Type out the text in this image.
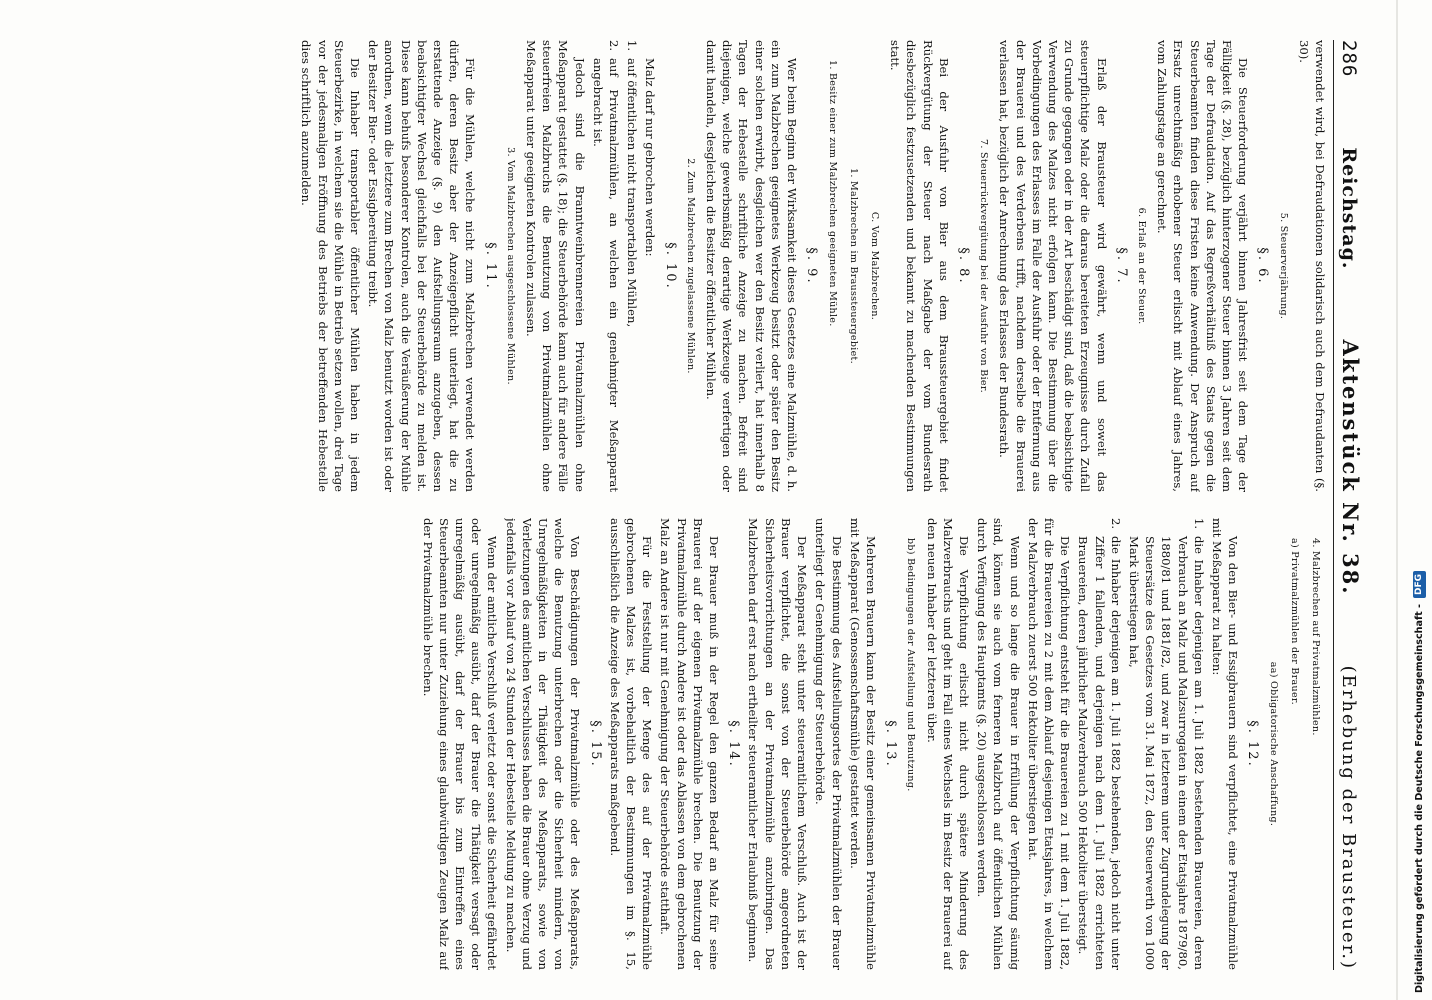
286
Reichstag.
Aktenstück Nr. 38.
(Erhebung der Brausteuer.)

verwendet wird, bei Defraudationen solidarisch auch dem Defraudanten (§. 30).

5. Steuerverjährung.
§. 6.

Die Steuerforderung verjährt binnen Jahresfrist seit dem Tage der Fälligkeit (§. 28), bezüglich hinterzogener Steuer binnen 3 Jahren seit dem Tage der Defraudation. Auf das Regreßverhältniß des Staats gegen die Steuerbeamten finden diese Fristen keine Anwendung. Der Anspruch auf Ersatz unrechtmäßig erhobener Steuer erlischt mit Ablauf eines Jahres, vom Zahlungstage an gerechnet.

6. Erlaß an der Steuer.
§. 7.

Erlaß der Brausteuer wird gewährt, wenn und soweit das steuerpflichtige Malz oder die daraus bereiteten Erzeugnisse durch Zufall zu Grunde gegangen oder in der Art beschädigt sind, daß die beabsichtigte Verwendung des Malzes nicht erfolgen kann. Die Bestimmung über die Vorbedingungen des Erlasses im Falle der Ausfuhr oder der Entfernung aus der Brauerei und des Verderbens trifft, nachdem derselbe die Brauerei verlassen hat, bezüglich der Anrechnung des Erlasses der Bundesrath.

7. Steuerrückvergütung bei der Ausfuhr von Bier.
§. 8.

Bei der Ausfuhr von Bier aus dem Braussteuergebiet findet Rückvergütung der Steuer nach Maßgabe der vom Bundesrath diesbezüglich festzusetzenden und bekannt zu machenden Bestimmungen statt.

C. Vom Malzbrechen.
1. Malzbrechen im Braussteuergebiet.
1. Besitz einer zum Malzbrechen geeigneten Mühle.
§. 9.

Wer beim Beginn der Wirksamkeit dieses Gesetzes eine Malzmühle, d. h. ein zum Malzbrechen geeignetes Werkzeug besitzt oder später den Besitz einer solchen erwirbt, desgleichen wer den Besitz verliert, hat innerhalb 8 Tagen der Hebestelle schriftliche Anzeige zu machen. Befreit sind diejenigen, welche gewerbsmäßig derartige Werkzeuge verfertigen oder damit handeln, desgleichen die Besitzer öffentlicher Mühlen.

2. Zum Malzbrechen zugelassene Mühlen.
§. 10.

Malz darf nur gebrochen werden:

1.auf öffentlichen nicht transportablen Mühlen,

2.auf Privatmalzmühlen, an welchen ein genehmigter Meßapparat angebracht ist.

Jedoch sind die Branntweinbrennereien Privatmalzmühlen ohne Meßapparat gestattet (§. 18); die Steuerbehörde kann auch für andere Fälle steuerfreien Malzbruchs die Benutzung von Privatmalzmühlen ohne Meßapparat unter geeigneten Kontrolen zulassen.

3. Vom Malzbrechen ausgeschlossene Mühlen.
§. 11.

Für die Mühlen, welche nicht zum Malzbrechen verwendet werden dürfen, deren Besitz aber der Anzeigepflicht unterliegt, hat die zu erstattende Anzeige (§. 9) den Aufstellungsraum anzugeben, dessen beabsichtigter Wechsel gleichfalls bei der Steuerbehörde zu melden ist. Diese kann behufs besonderer Kontrolen, auch die Veräußerung der Mühle anordnen, wenn die letztere zum Brechen von Malz benutzt worden ist oder der Besitzer Bier- oder Essigbereitung treibt.

Die Inhaber transportabler öffentlicher Mühlen haben in jedem Steuerbezirke, in welchem sie die Mühle in Betrieb setzen wollen, drei Tage vor der jedesmaligen Eröffnung des Betriebs der betreffenden Hebestelle dies schriftlich anzumelden.

4. Malzbrechen auf Privatmalzmühlen.
a) Privatmalzmühlen der Brauer.
aa) Obligatorische Anschaffung.
§. 12.

Von den Bier- und Essigbrauern sind verpflichtet, eine Privatmalzmühle mit Meßapparat zu halten:

1.die Inhaber derjenigen am 1. Juli 1882 bestehenden Brauereien, deren Verbrauch an Malz und Malzsurrogaten in einem der Etatsjahre 1879/80, 1880/81 und 1881/82, und zwar in letzterem unter Zugrundelegung der Steuersätze des Gesetzes vom 31. Mai 1872, den Steuerwerth von 1000 Mark überstiegen hat,

2.die Inhaber derjenigen am 1. Juli 1882 bestehenden, jedoch nicht unter Ziffer 1 fallenden, und derjenigen nach dem 1. Juli 1882 errichteten Brauereien, deren jährlicher Malzverbrauch 500 Hektoliter übersteigt.

Die Verpflichtung entsteht für die Brauereien zu 1 mit dem 1. Juli 1882, für die Brauereien zu 2 mit dem Ablauf desjenigen Etatsjahres, in welchem der Malzverbrauch zuerst 500 Hektoliter überstiegen hat.

Wenn und so lange die Brauer in Erfüllung der Verpflichtung säumig sind, können sie auch vom ferneren Malzbruch auf öffentlichen Mühlen durch Verfügung des Hauptamts (§. 20) ausgeschlossen werden.

Die Verpflichtung erlischt nicht durch spätere Minderung des Malzverbrauchs und geht im Fall eines Wechsels im Besitz der Brauerei auf den neuen Inhaber der letzteren über.

bb) Bedingungen der Aufstellung und Benutzung.
§. 13.

Mehreren Brauern kann der Besitz einer gemeinsamen Privatmalzmühle mit Meßapparat (Genossenschaftsmühle) gestattet werden.

Die Bestimmung des Aufstellungsortes der Privatmalzmühlen der Brauer unterliegt der Genehmigung der Steuerbehörde.

Der Meßapparat steht unter steueramtlichem Verschluß. Auch ist der Brauer verpflichtet, die sonst von der Steuerbehörde angeordneten Sicherheitsvorrichtungen an der Privatmalzmühle anzubringen. Das Malzbrechen darf erst nach ertheilter steueramtlicher Erlaubniß beginnen.

§. 14.

Der Brauer muß in der Regel den ganzen Bedarf an Malz für seine Brauerei auf der eigenen Privatmalzmühle brechen. Die Benutzung der Privatmalzmühle durch Andere ist oder das Ablassen von dem gebrochenen Malz an Andere ist nur mit Genehmigung der Steuerbehörde statthaft.

Für die Feststellung der Menge des auf der Privatmalzmühle gebrochenen Malzes ist, vorbehaltlich der Bestimmungen im §. 15, ausschließlich die Anzeige des Meßapparats maßgebend.

§. 15.

Von Beschädigungen der Privatmalzmühle oder des Meßapparats, welche die Benutzung unterbrechen oder die Sicherheit mindern, von Unregelmäßigkeiten in der Thätigkeit des Meßapparats, sowie von Verletzungen des amtlichen Verschlusses haben die Brauer ohne Verzug und jedenfalls vor Ablauf von 24 Stunden der Hebestelle Meldung zu machen.

Wenn der amtliche Verschluß verletzt oder sonst die Sicherheit gefährdet oder unregelmäßig ausübt, darf der Brauer die Thätigkeit versagt oder unregelmäßig ausübt, darf der Brauer bis zum Eintreffen eines Steuerbeamten nur unter Zuziehung eines glaubwürdigen Zeugen Malz auf der Privatmalzmühle brechen.	Digitalisierung gefördert durch die Deutsche Forschungsgemeinschaft -
DFG
